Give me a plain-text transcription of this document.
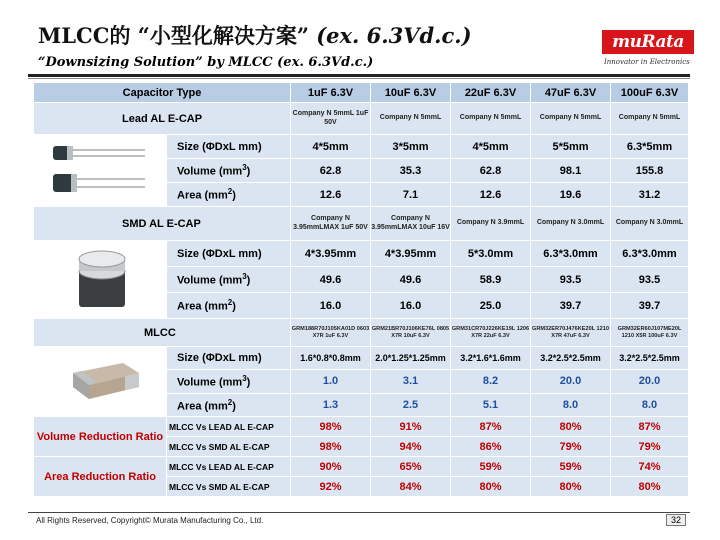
MLCC的 “小型化解决方案” (ex. 6.3Vd.c.)
“Downsizing Solution” by MLCC (ex. 6.3Vd.c.)
muRata
Innovator in Electronics
Capacitor Type		1uF 6.3V	10uF 6.3V	22uF 6.3V	47uF 6.3V	100uF 6.3V
Lead AL E-CAP		Company N 5mmL 1uF 50V	Company N 5mmL	Company N 5mmL	Company N 5mmL	Company N 5mmL
	Size (ΦDxL mm)	4*5mm	3*5mm	4*5mm	5*5mm	6.3*5mm
	Volume $(mm^3)$	62.8	35.3	62.8	98.1	155.8
	Area $(mm^2)$	12.6	7.1	12.6	19.6	31.2
SMD AL E-CAP		Company N 3.95mmLMAX 1uF 50V	Company N 3.95mmLMAX 10uF 16V	Company N 3.9mmL	Company N 3.0mmL	Company N 3.0mmL
	Size (ΦDxL mm)	4*3.95mm	4*3.95mm	5*3.0mm	6.3*3.0mm	6.3*3.0mm
	Volume $(mm^3)$	49.6	49.6	58.9	93.5	93.5
	Area $(mm^2)$	16.0	16.0	25.0	39.7	39.7
MLCC		GRM188R70J105KA01D 0603 X7R 1uF 6.3V	GRM21BR70J106KE76L 0805 X7R 10uF 6.3V	GRM31CR70J226KE19L 1206 X7R 22uF 6.3V	GRM32ER70J476KE20L 1210 X7R 47uF 6.3V	GRM32ER60J107ME20L 1210 X5R 100uF 6.3V
	Size (ΦDxL mm)	1.6*0.8*0.8mm	2.0*1.25*1.25mm	3.2*1.6*1.6mm	3.2*2.5*2.5mm	3.2*2.5*2.5mm
	Volume $(mm^3)$	1.0	3.1	8.2	20.0	20.0
	Area $(mm^2)$	1.3	2.5	5.1	8.0	8.0
Volume Reduction Ratio	MLCC Vs LEAD AL E-CAP	98%	91%	87%	80%	87%
	MLCC Vs SMD AL E-CAP	98%	94%	86%	79%	79%
Area Reduction Ratio	MLCC Vs LEAD AL E-CAP	90%	65%	59%	59%	74%
	MLCC Vs SMD AL E-CAP	92%	84%	80%	80%	80%
All Rights Reserved, Copyright© Murata Manufacturing Co., Ltd.	32
